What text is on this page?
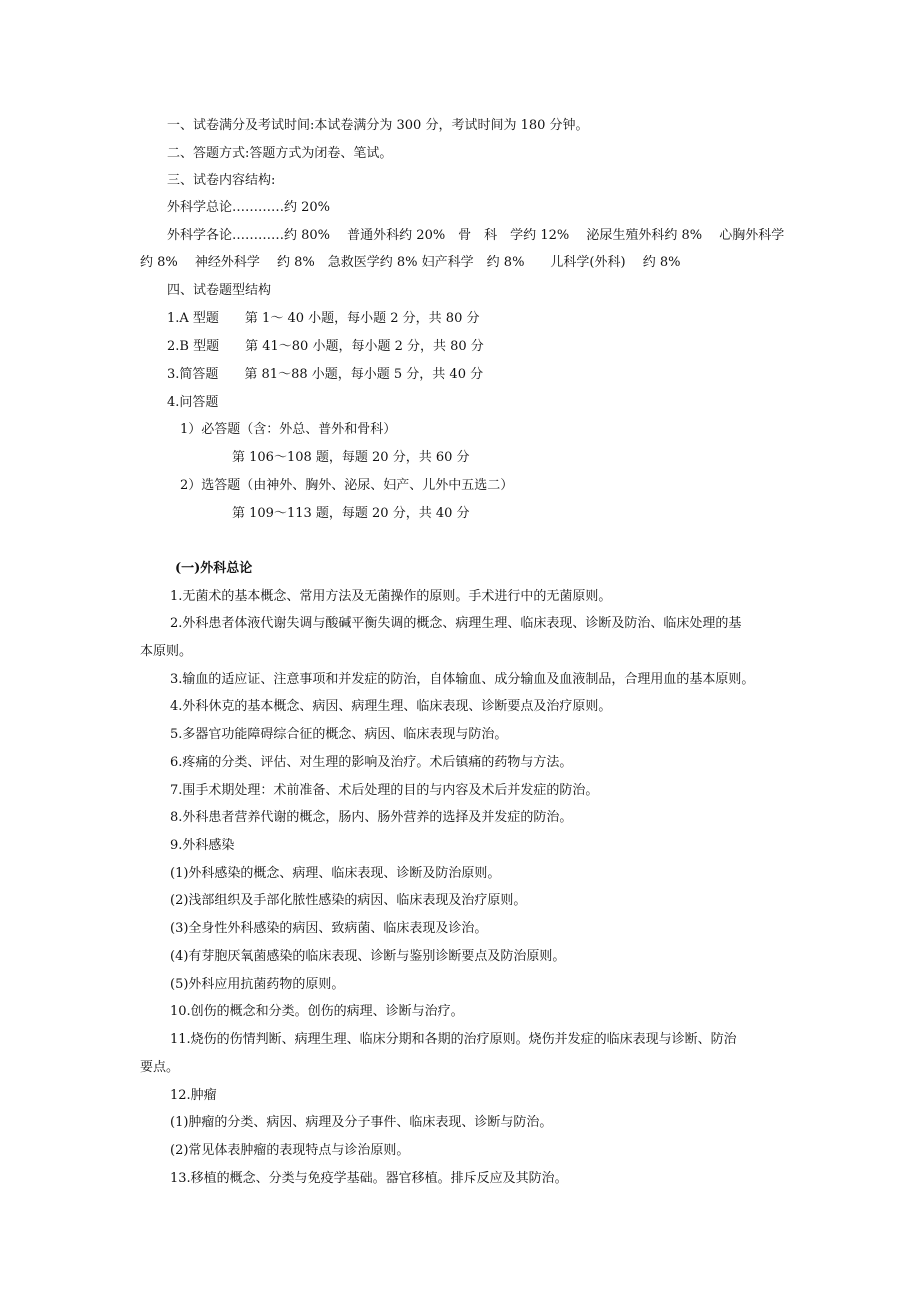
一、试卷满分及考试时间:本试卷满分为 300 分，考试时间为 180 分钟。
二、答题方式:答题方式为闭卷、笔试。
三、试卷内容结构:
外科学总论…………约 20%
外科学各论…………约 80%　 普通外科约 20%　骨　科　学约 12%　 泌尿生殖外科约 8%　 心胸外科学
约 8%　 神经外科学　 约 8%　急救医学约 8% 妇产科学　约 8%　　儿科学(外科)　 约 8%
四、试卷题型结构
1.A 型题　　第 1～ 40 小题，每小题 2 分，共 80 分
2.B 型题　　第 41～80 小题，每小题 2 分，共 80 分
3.简答题　　第 81～88 小题，每小题 5 分，共 40 分
4.问答题
1）必答题（含：外总、普外和骨科）
第 106～108 题，每题 20 分，共 60 分
2）选答题（由神外、胸外、泌尿、妇产、儿外中五选二）
第 109～113 题，每题 20 分，共 40 分
(一)外科总论
1.无菌术的基本概念、常用方法及无菌操作的原则。手术进行中的无菌原则。
2.外科患者体液代谢失调与酸碱平衡失调的概念、病理生理、临床表现、诊断及防治、临床处理的基
本原则。
3.输血的适应证、注意事项和并发症的防治，自体输血、成分输血及血液制品，合理用血的基本原则。
4.外科休克的基本概念、病因、病理生理、临床表现、诊断要点及治疗原则。
5.多器官功能障碍综合征的概念、病因、临床表现与防治。
6.疼痛的分类、评估、对生理的影响及治疗。术后镇痛的药物与方法。
7.围手术期处理：术前准备、术后处理的目的与内容及术后并发症的防治。
8.外科患者营养代谢的概念，肠内、肠外营养的选择及并发症的防治。
9.外科感染
(1)外科感染的概念、病理、临床表现、诊断及防治原则。
(2)浅部组织及手部化脓性感染的病因、临床表现及治疗原则。
(3)全身性外科感染的病因、致病菌、临床表现及诊治。
(4)有芽胞厌氧菌感染的临床表现、诊断与鉴别诊断要点及防治原则。
(5)外科应用抗菌药物的原则。
10.创伤的概念和分类。创伤的病理、诊断与治疗。
11.烧伤的伤情判断、病理生理、临床分期和各期的治疗原则。烧伤并发症的临床表现与诊断、防治
要点。
12.肿瘤
(1)肿瘤的分类、病因、病理及分子事件、临床表现、诊断与防治。
(2)常见体表肿瘤的表现特点与诊治原则。
13.移植的概念、分类与免疫学基础。器官移植。排斥反应及其防治。
